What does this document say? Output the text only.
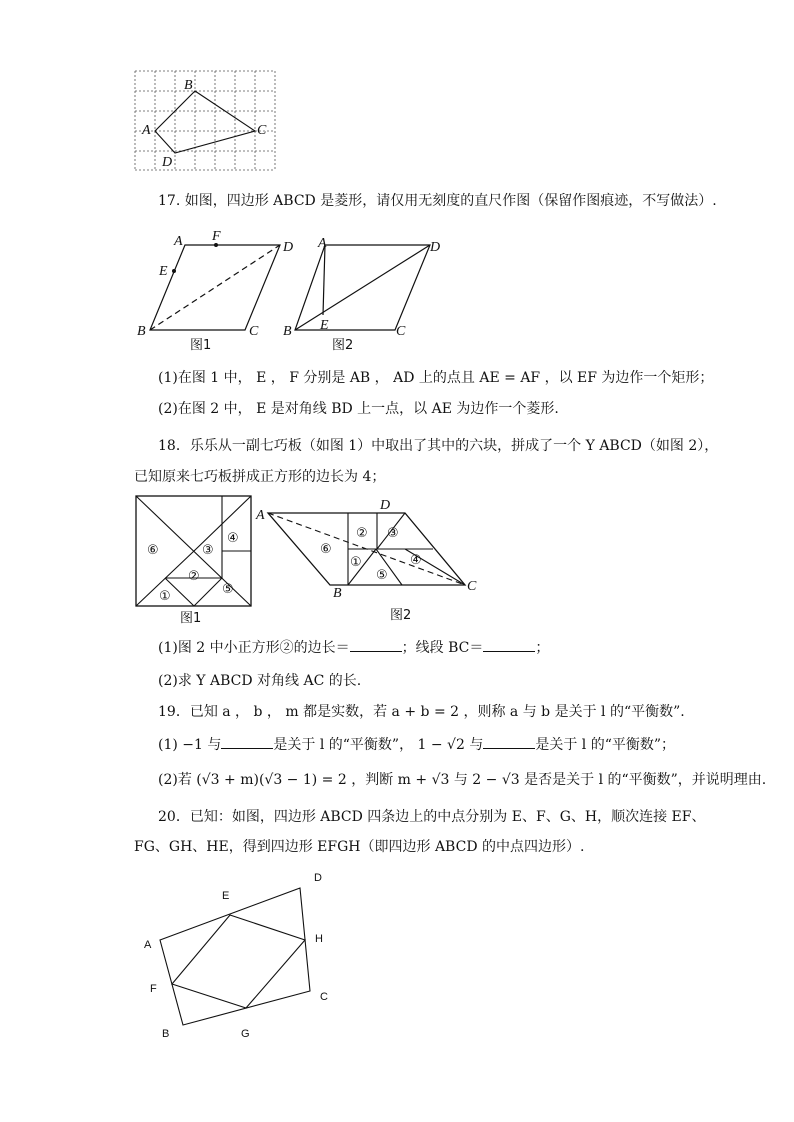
A
B
C
D
17. 如图，四边形 ABCD 是菱形，请仅用无刻度的直尺作图（保留作图痕迹，不写做法）.
A F
D
E
B	C
图1
A	D
B E	C
图2
(1)在图 1 中， E ， F 分别是 AB ， AD 上的点且 AE = AF ，以 EF 为边作一个矩形；
(2)在图 2 中， E 是对角线 BD 上一点，以 AE 为边作一个菱形.
18．乐乐从一副七巧板（如图 1）中取出了其中的六块，拼成了一个 Y ABCD（如图 2），
已知原来七巧板拼成正方形的边长为 4；
⑥	③
④
②
⑤
①
图1
A
D
B	C
⑥
② ③
④
⑤
①
图2
(1)图 2 中小正方形②的边长＝	；线段 BC＝	；
(2)求 Y ABCD 对角线 AC 的长.
19．已知 a ， b ， m 都是实数，若 a + b = 2 ，则称 a 与 b 是关于 l 的“平衡数”.
(1) −1 与	是关于 l 的“平衡数”， 1 − √2 与	是关于 l 的“平衡数”；
(2)若 (√3 + m)(√3 − 1) = 2 ，判断 m + √3 与 2 − √3 是否是关于 l 的“平衡数”，并说明理由.
20．已知：如图，四边形 ABCD 四条边上的中点分别为 E、F、G、H，顺次连接 EF、
FG、GH、HE，得到四边形 EFGH（即四边形 ABCD 的中点四边形）.
A
D
E
H
F
C
B	G
